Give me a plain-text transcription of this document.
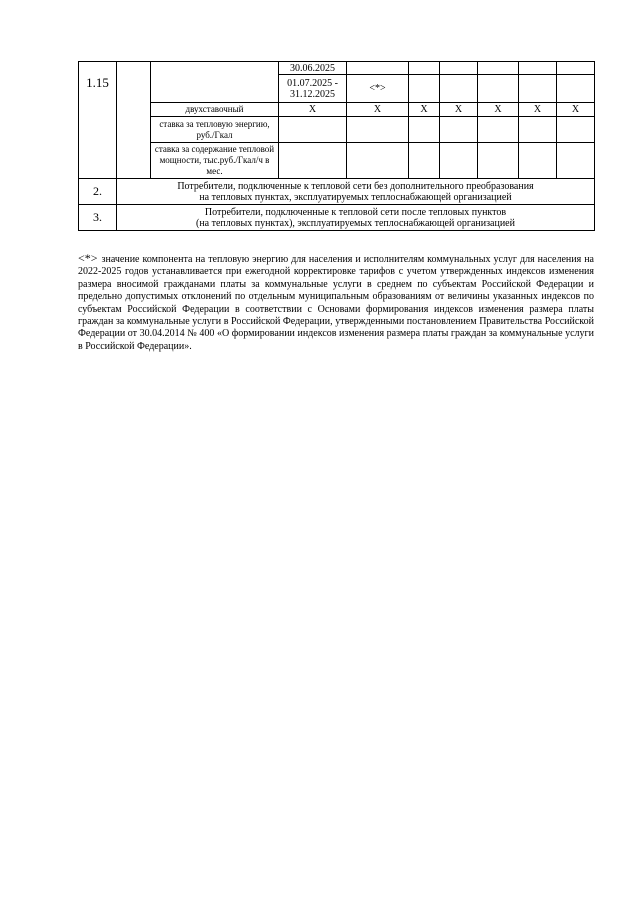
1.15			30.06.2025						
			01.07.2025 - 31.12.2025	<*>					
		двухставочный	X	X	X	X	X	X	X
		ставка за тепловую энергию, руб./Гкал							
		ставка за содержание тепловой мощности, тыс.руб./Гкал/ч в мес.							
2.	Потребители, подключенные к тепловой сети без дополнительного преобразования
на тепловых пунктах, эксплуатируемых теплоснабжающей организацией								
3.	Потребители, подключенные к тепловой сети после тепловых пунктов
(на тепловых пунктах), эксплуатируемых теплоснабжающей организацией								
<*> значение компонента на тепловую энергию для населения и исполнителям коммунальных услуг для населения на 2022-2025 годов устанавливается при ежегодной корректировке тарифов с учетом утвержденных индексов изменения размера вносимой гражданами платы за коммунальные услуги в среднем по субъектам Российской Федерации и предельно допустимых отклонений по отдельным муниципальным образованиям от величины указанных индексов по субъектам Российской Федерации в соответствии с Основами формирования индексов изменения размера платы граждан за коммунальные услуги в Российской Федерации, утвержденными постановлением Правительства Российской Федерации от 30.04.2014 № 400 «О формировании индексов изменения размера платы граждан за коммунальные услуги в Российской Федерации».
